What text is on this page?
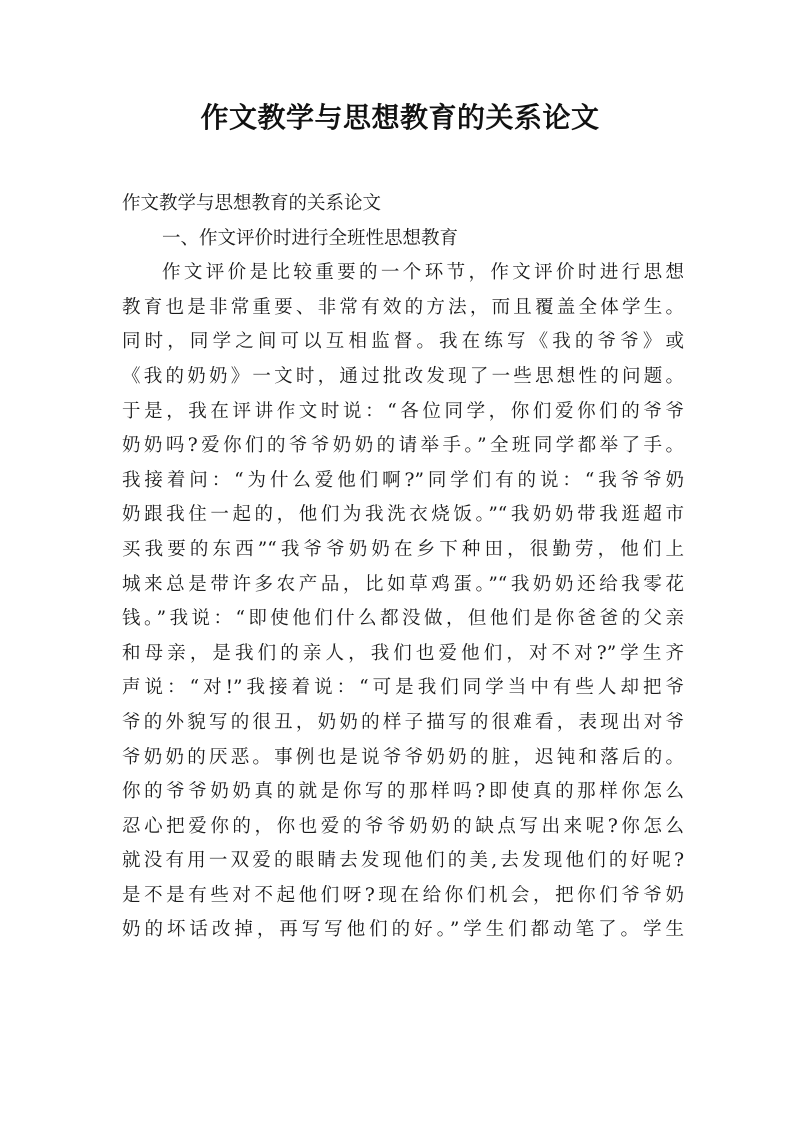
作文教学与思想教育的关系论文
作文教学与思想教育的关系论文
一、作文评价时进行全班性思想教育
作文评价是比较重要的一个环节，作文评价时进行思想
教育也是非常重要、非常有效的方法，而且覆盖全体学生。
同时，同学之间可以互相监督。我在练写《我的爷爷》或
《我的奶奶》一文时，通过批改发现了一些思想性的问题。
于是，我在评讲作文时说：“各位同学，你们爱你们的爷爷
奶奶吗?爱你们的爷爷奶奶的请举手。”全班同学都举了手。
我接着问：“为什么爱他们啊?”同学们有的说：“我爷爷奶
奶跟我住一起的，他们为我洗衣烧饭。”“我奶奶带我逛超市
买我要的东西”“我爷爷奶奶在乡下种田，很勤劳，他们上
城来总是带许多农产品，比如草鸡蛋。”“我奶奶还给我零花
钱。”我说：“即使他们什么都没做，但他们是你爸爸的父亲
和母亲，是我们的亲人，我们也爱他们，对不对?”学生齐
声说：“对!”我接着说：“可是我们同学当中有些人却把爷
爷的外貌写的很丑，奶奶的样子描写的很难看，表现出对爷
爷奶奶的厌恶。事例也是说爷爷奶奶的脏，迟钝和落后的。
你的爷爷奶奶真的就是你写的那样吗?即使真的那样你怎么
忍心把爱你的，你也爱的爷爷奶奶的缺点写出来呢?你怎么
就没有用一双爱的眼睛去发现他们的美,去发现他们的好呢?
是不是有些对不起他们呀?现在给你们机会，把你们爷爷奶
奶的坏话改掉，再写写他们的好。”学生们都动笔了。学生
